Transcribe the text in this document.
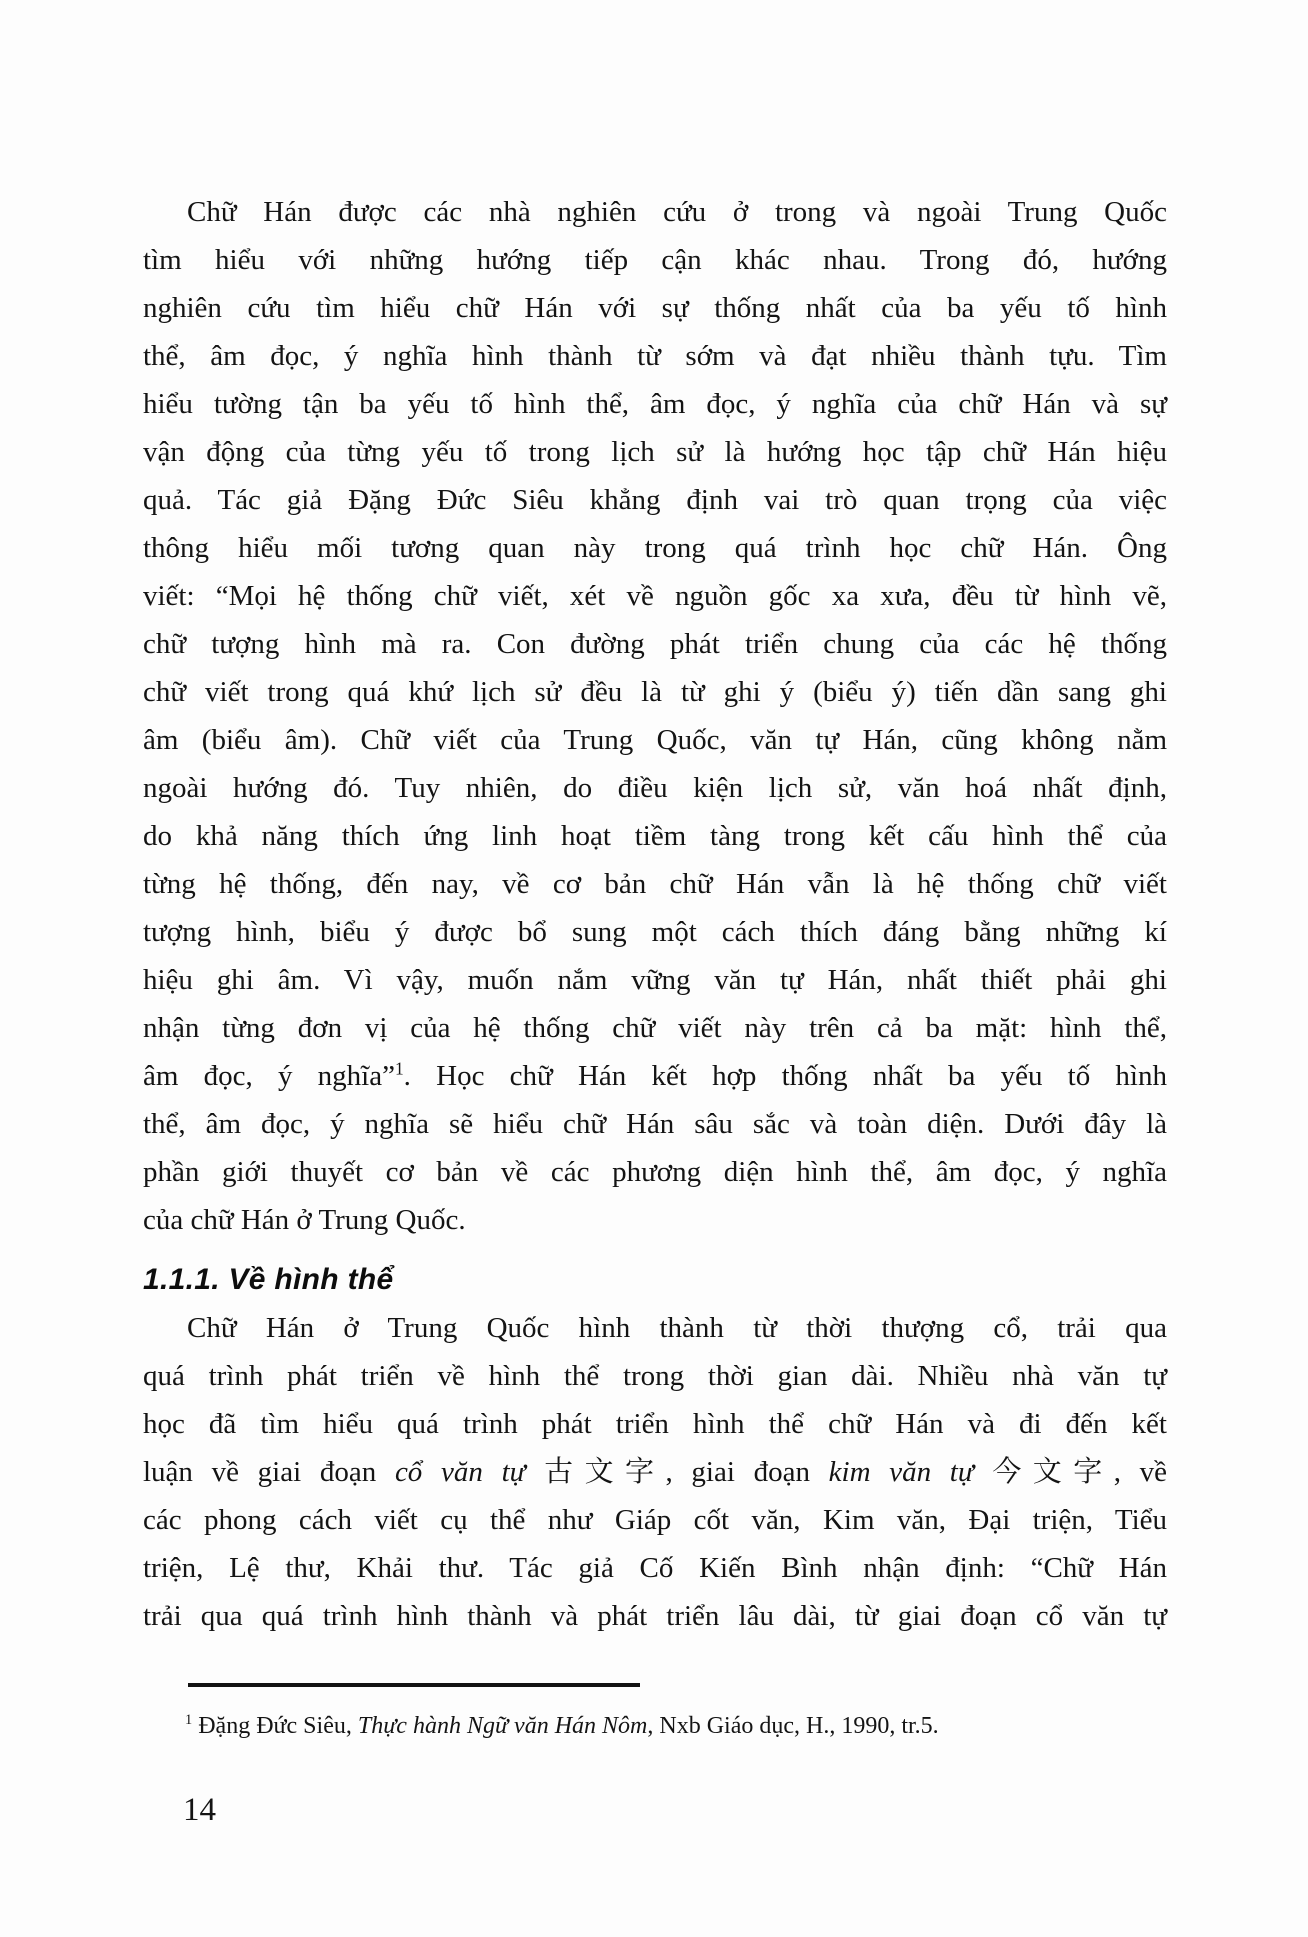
Chữ Hán được các nhà nghiên cứu ở trong và ngoài Trung Quốc
tìm hiểu với những hướng tiếp cận khác nhau. Trong đó, hướng
nghiên cứu tìm hiểu chữ Hán với sự thống nhất của ba yếu tố hình
thể, âm đọc, ý nghĩa hình thành từ sớm và đạt nhiều thành tựu. Tìm
hiểu tường tận ba yếu tố hình thể, âm đọc, ý nghĩa của chữ Hán và sự
vận động của từng yếu tố trong lịch sử là hướng học tập chữ Hán hiệu
quả. Tác giả Đặng Đức Siêu khẳng định vai trò quan trọng của việc
thông hiểu mối tương quan này trong quá trình học chữ Hán. Ông
viết: “Mọi hệ thống chữ viết, xét về nguồn gốc xa xưa, đều từ hình vẽ,
chữ tượng hình mà ra. Con đường phát triển chung của các hệ thống
chữ viết trong quá khứ lịch sử đều là từ ghi ý (biểu ý) tiến dần sang ghi
âm (biểu âm). Chữ viết của Trung Quốc, văn tự Hán, cũng không nằm
ngoài hướng đó. Tuy nhiên, do điều kiện lịch sử, văn hoá nhất định,
do khả năng thích ứng linh hoạt tiềm tàng trong kết cấu hình thể của
từng hệ thống, đến nay, về cơ bản chữ Hán vẫn là hệ thống chữ viết
tượng hình, biểu ý được bổ sung một cách thích đáng bằng những kí
hiệu ghi âm. Vì vậy, muốn nắm vững văn tự Hán, nhất thiết phải ghi
nhận từng đơn vị của hệ thống chữ viết này trên cả ba mặt: hình thể,
âm đọc, ý nghĩa”$^1$. Học chữ Hán kết hợp thống nhất ba yếu tố hình
thể, âm đọc, ý nghĩa sẽ hiểu chữ Hán sâu sắc và toàn diện. Dưới đây là
phần giới thuyết cơ bản về các phương diện hình thể, âm đọc, ý nghĩa
của chữ Hán ở Trung Quốc.
1.1.1. Về hình thể
Chữ Hán ở Trung Quốc hình thành từ thời thượng cổ, trải qua
quá trình phát triển về hình thể trong thời gian dài. Nhiều nhà văn tự
học đã tìm hiểu quá trình phát triển hình thể chữ Hán và đi đến kết
luận về giai đoạn cổ văn tự 古文字, giai đoạn kim văn tự 今文字, về
các phong cách viết cụ thể như Giáp cốt văn, Kim văn, Đại triện, Tiểu
triện, Lệ thư, Khải thư. Tác giả Cố Kiến Bình nhận định: “Chữ Hán
trải qua quá trình hình thành và phát triển lâu dài, từ giai đoạn cổ văn tự
$^1$ Đặng Đức Siêu, Thực hành Ngữ văn Hán Nôm, Nxb Giáo dục, H., 1990, tr.5.
14
